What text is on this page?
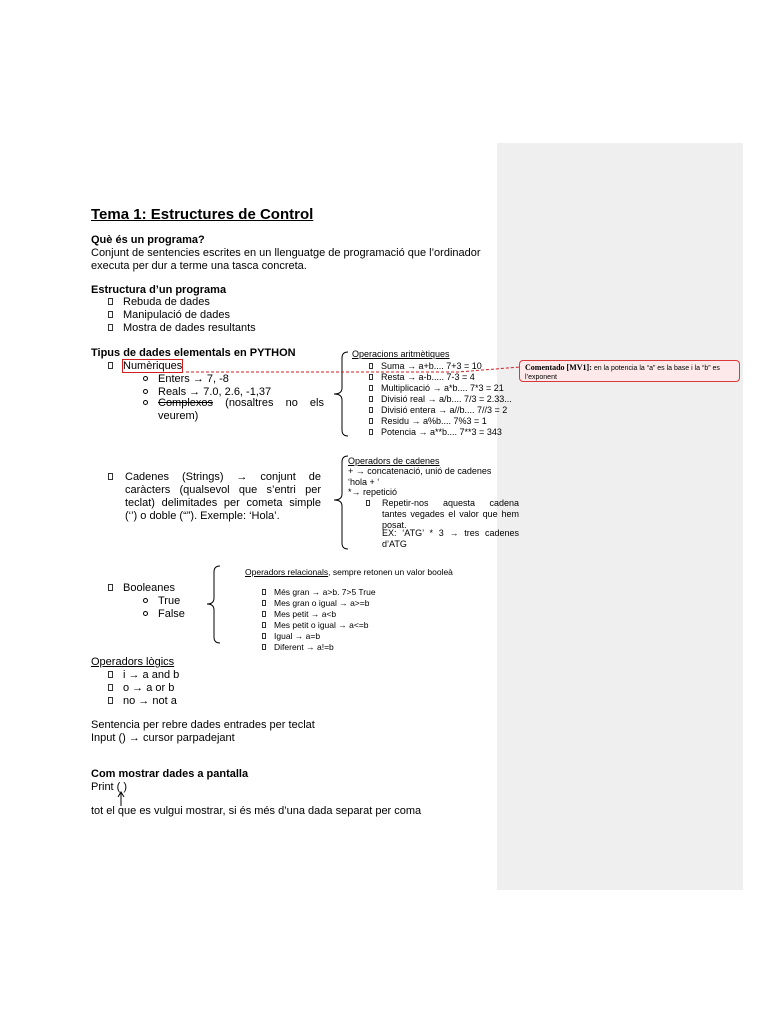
Tema 1: Estructures de Control
Què és un programa?
Conjunt de sentencies escrites en un llenguatge de programació que l’ordinador
executa per dur a terme una tasca concreta.
Estructura d’un programa
Rebuda de dades
Manipulació de dades
Mostra de dades resultants
Tipus de dades elementals en PYTHON
Numèriques
Enters → 7, -8
Reals → 7.0, 2.6, -1,37
Complexos (nosaltres no els veurem)
Cadenes (Strings) → conjunt de caràcters (qualsevol que s’entri per teclat) delimitades per cometa simple (‘’) o doble (“”). Exemple: ‘Hola’.
Booleanes
True
False
Operadors lògics
i → a and b
o → a or b
no → not a
Sentencia per rebre dades entrades per teclat
Input () → cursor parpadejant
Com mostrar dades a pantalla
Print ( )
tot el que es vulgui mostrar, si és més d’una dada separat per coma
Operacions aritmètiques
Suma → a+b.... 7+3 = 10
Resta → a-b..... 7-3 = 4
Multiplicació → a*b.... 7*3 = 21
Divisió real → a/b.... 7/3 = 2.33...
Divisió entera → a//b.... 7//3 = 2
Residu → a%b.... 7%3 = 1
Potencia → a**b.... 7**3 = 343
Operadors de cadenes
+ → concatenació, unió de cadenes
‘hola + ‘
*→ repetició
Repetir-nos aquesta cadena tantes vegades el valor que hem posat.
EX: ‘ATG’ * 3 → tres cadenes d’ATG
Operadors relacionals, sempre retonen un valor booleà
Més gran → a>b. 7>5 True
Mes gran o igual → a>=b
Mes petit → a<b
Mes petit o igual → a<=b
Igual → a=b
Diferent → a!=b
Comentado [MV1]: en la potencia la “a” es la base i la “b” es l’exponent
